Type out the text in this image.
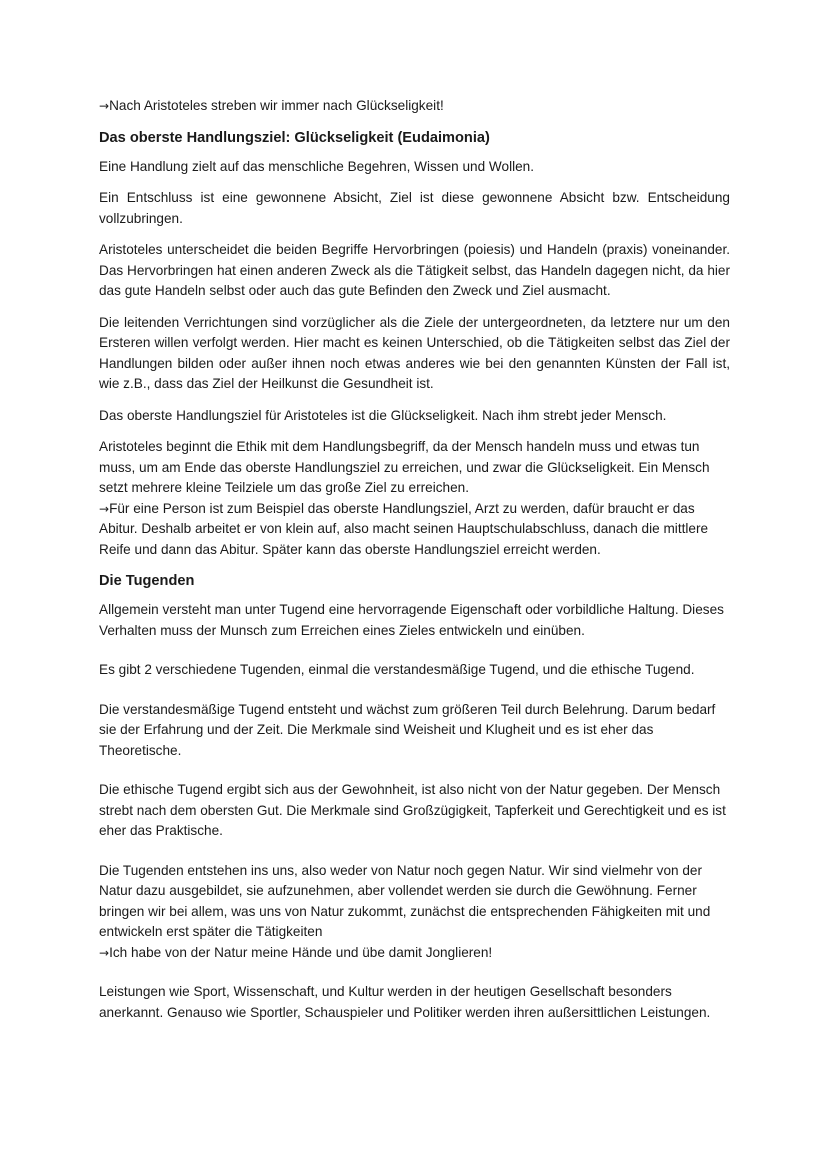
→Nach Aristoteles streben wir immer nach Glückseligkeit!

Das oberste Handlungsziel: Glückseligkeit (Eudaimonia)

Eine Handlung zielt auf das menschliche Begehren, Wissen und Wollen.

Ein Entschluss ist eine gewonnene Absicht, Ziel ist diese gewonnene Absicht bzw. Entscheidung vollzubringen.

Aristoteles unterscheidet die beiden Begriffe Hervorbringen (poiesis) und Handeln (praxis) voneinander. Das Hervorbringen hat einen anderen Zweck als die Tätigkeit selbst, das Handeln dagegen nicht, da hier das gute Handeln selbst oder auch das gute Befinden den Zweck und Ziel ausmacht.

Die leitenden Verrichtungen sind vorzüglicher als die Ziele der untergeordneten, da letztere nur um den Ersteren willen verfolgt werden. Hier macht es keinen Unterschied, ob die Tätigkeiten selbst das Ziel der Handlungen bilden oder außer ihnen noch etwas anderes wie bei den genannten Künsten der Fall ist, wie z.B., dass das Ziel der Heilkunst die Gesundheit ist.

Das oberste Handlungsziel für Aristoteles ist die Glückseligkeit. Nach ihm strebt jeder Mensch.

Aristoteles beginnt die Ethik mit dem Handlungsbegriff, da der Mensch handeln muss und etwas tun muss, um am Ende das oberste Handlungsziel zu erreichen, und zwar die Glückseligkeit. Ein Mensch setzt mehrere kleine Teilziele um das große Ziel zu erreichen.
→Für eine Person ist zum Beispiel das oberste Handlungsziel, Arzt zu werden, dafür braucht er das Abitur. Deshalb arbeitet er von klein auf, also macht seinen Hauptschulabschluss, danach die mittlere Reife und dann das Abitur. Später kann das oberste Handlungsziel erreicht werden.

Die Tugenden

Allgemein versteht man unter Tugend eine hervorragende Eigenschaft oder vorbildliche Haltung. Dieses Verhalten muss der Munsch zum Erreichen eines Zieles entwickeln und einüben.

Es gibt 2 verschiedene Tugenden, einmal die verstandesmäßige Tugend, und die ethische Tugend.

Die verstandesmäßige Tugend entsteht und wächst zum größeren Teil durch Belehrung. Darum bedarf sie der Erfahrung und der Zeit. Die Merkmale sind Weisheit und Klugheit und es ist eher das Theoretische.

Die ethische Tugend ergibt sich aus der Gewohnheit, ist also nicht von der Natur gegeben. Der Mensch strebt nach dem obersten Gut. Die Merkmale sind Großzügigkeit, Tapferkeit und Gerechtigkeit und es ist eher das Praktische.

Die Tugenden entstehen ins uns, also weder von Natur noch gegen Natur. Wir sind vielmehr von der Natur dazu ausgebildet, sie aufzunehmen, aber vollendet werden sie durch die Gewöhnung. Ferner bringen wir bei allem, was uns von Natur zukommt, zunächst die entsprechenden Fähigkeiten mit und entwickeln erst später die Tätigkeiten
→Ich habe von der Natur meine Hände und übe damit Jonglieren!

Leistungen wie Sport, Wissenschaft, und Kultur werden in der heutigen Gesellschaft besonders anerkannt. Genauso wie Sportler, Schauspieler und Politiker werden ihren außersittlichen Leistungen.
